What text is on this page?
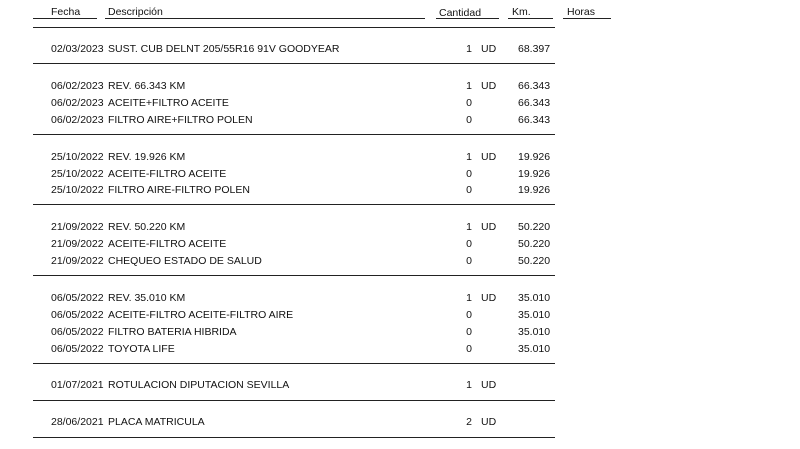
Fecha	Descripción	Cantidad	Km.	Horas
02/03/2023 SUST. CUB DELNT 205/55R16 91V GOODYEAR	1 UD 68.397
06/02/2023 REV. 66.343 KM	1 UD 66.343
06/02/2023 ACEITE+FILTRO ACEITE	0	66.343
06/02/2023 FILTRO AIRE+FILTRO POLEN	0	66.343
25/10/2022 REV. 19.926 KM	1 UD 19.926
25/10/2022 ACEITE-FILTRO ACEITE	0	19.926
25/10/2022 FILTRO AIRE-FILTRO POLEN	0	19.926
21/09/2022 REV. 50.220 KM	1 UD 50.220
21/09/2022 ACEITE-FILTRO ACEITE	0	50.220
21/09/2022 CHEQUEO ESTADO DE SALUD	0	50.220
06/05/2022 REV. 35.010 KM	1 UD 35.010
06/05/2022 ACEITE-FILTRO ACEITE-FILTRO AIRE	0	35.010
06/05/2022 FILTRO BATERIA HIBRIDA	0	35.010
06/05/2022 TOYOTA LIFE	0	35.010
01/07/2021 ROTULACION DIPUTACION SEVILLA	1 UD
28/06/2021 PLACA MATRICULA	2 UD
